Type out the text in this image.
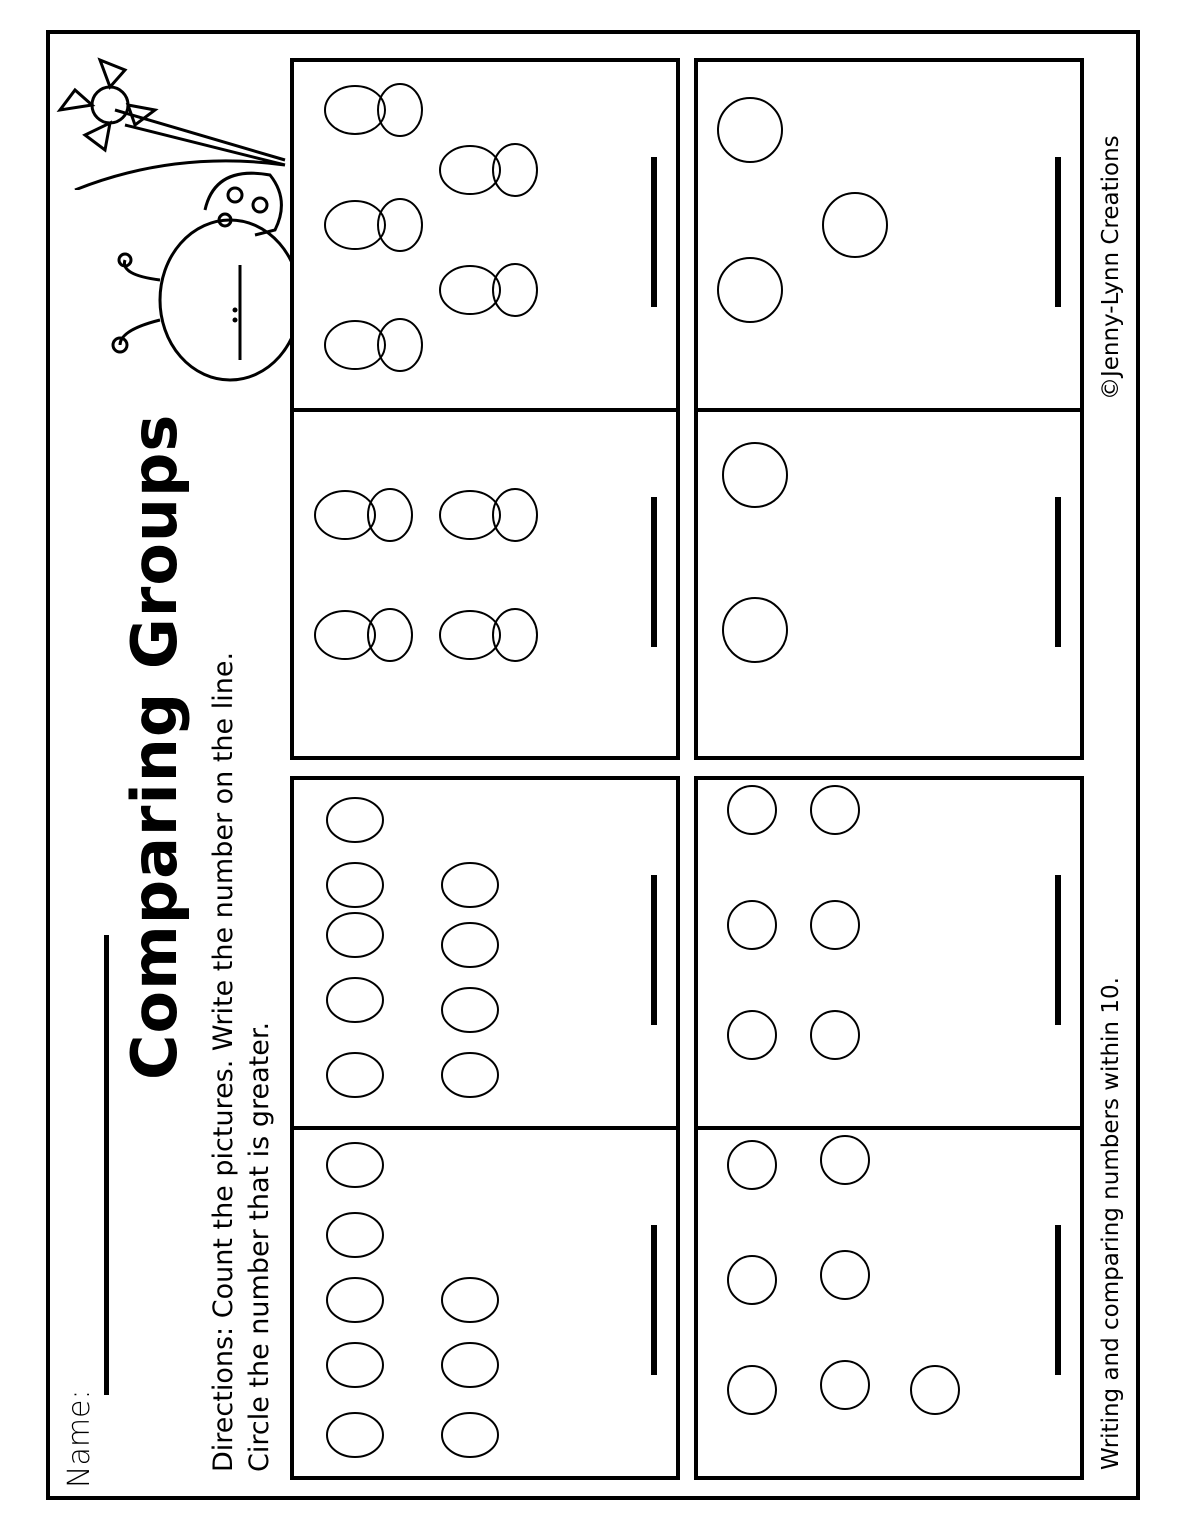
Name:
Comparing Groups Directions: Count the pictures. Write the number on the line. Circle the number that is greater.	Writing and comparing numbers within 10.
©Jenny-Lynn Creations
